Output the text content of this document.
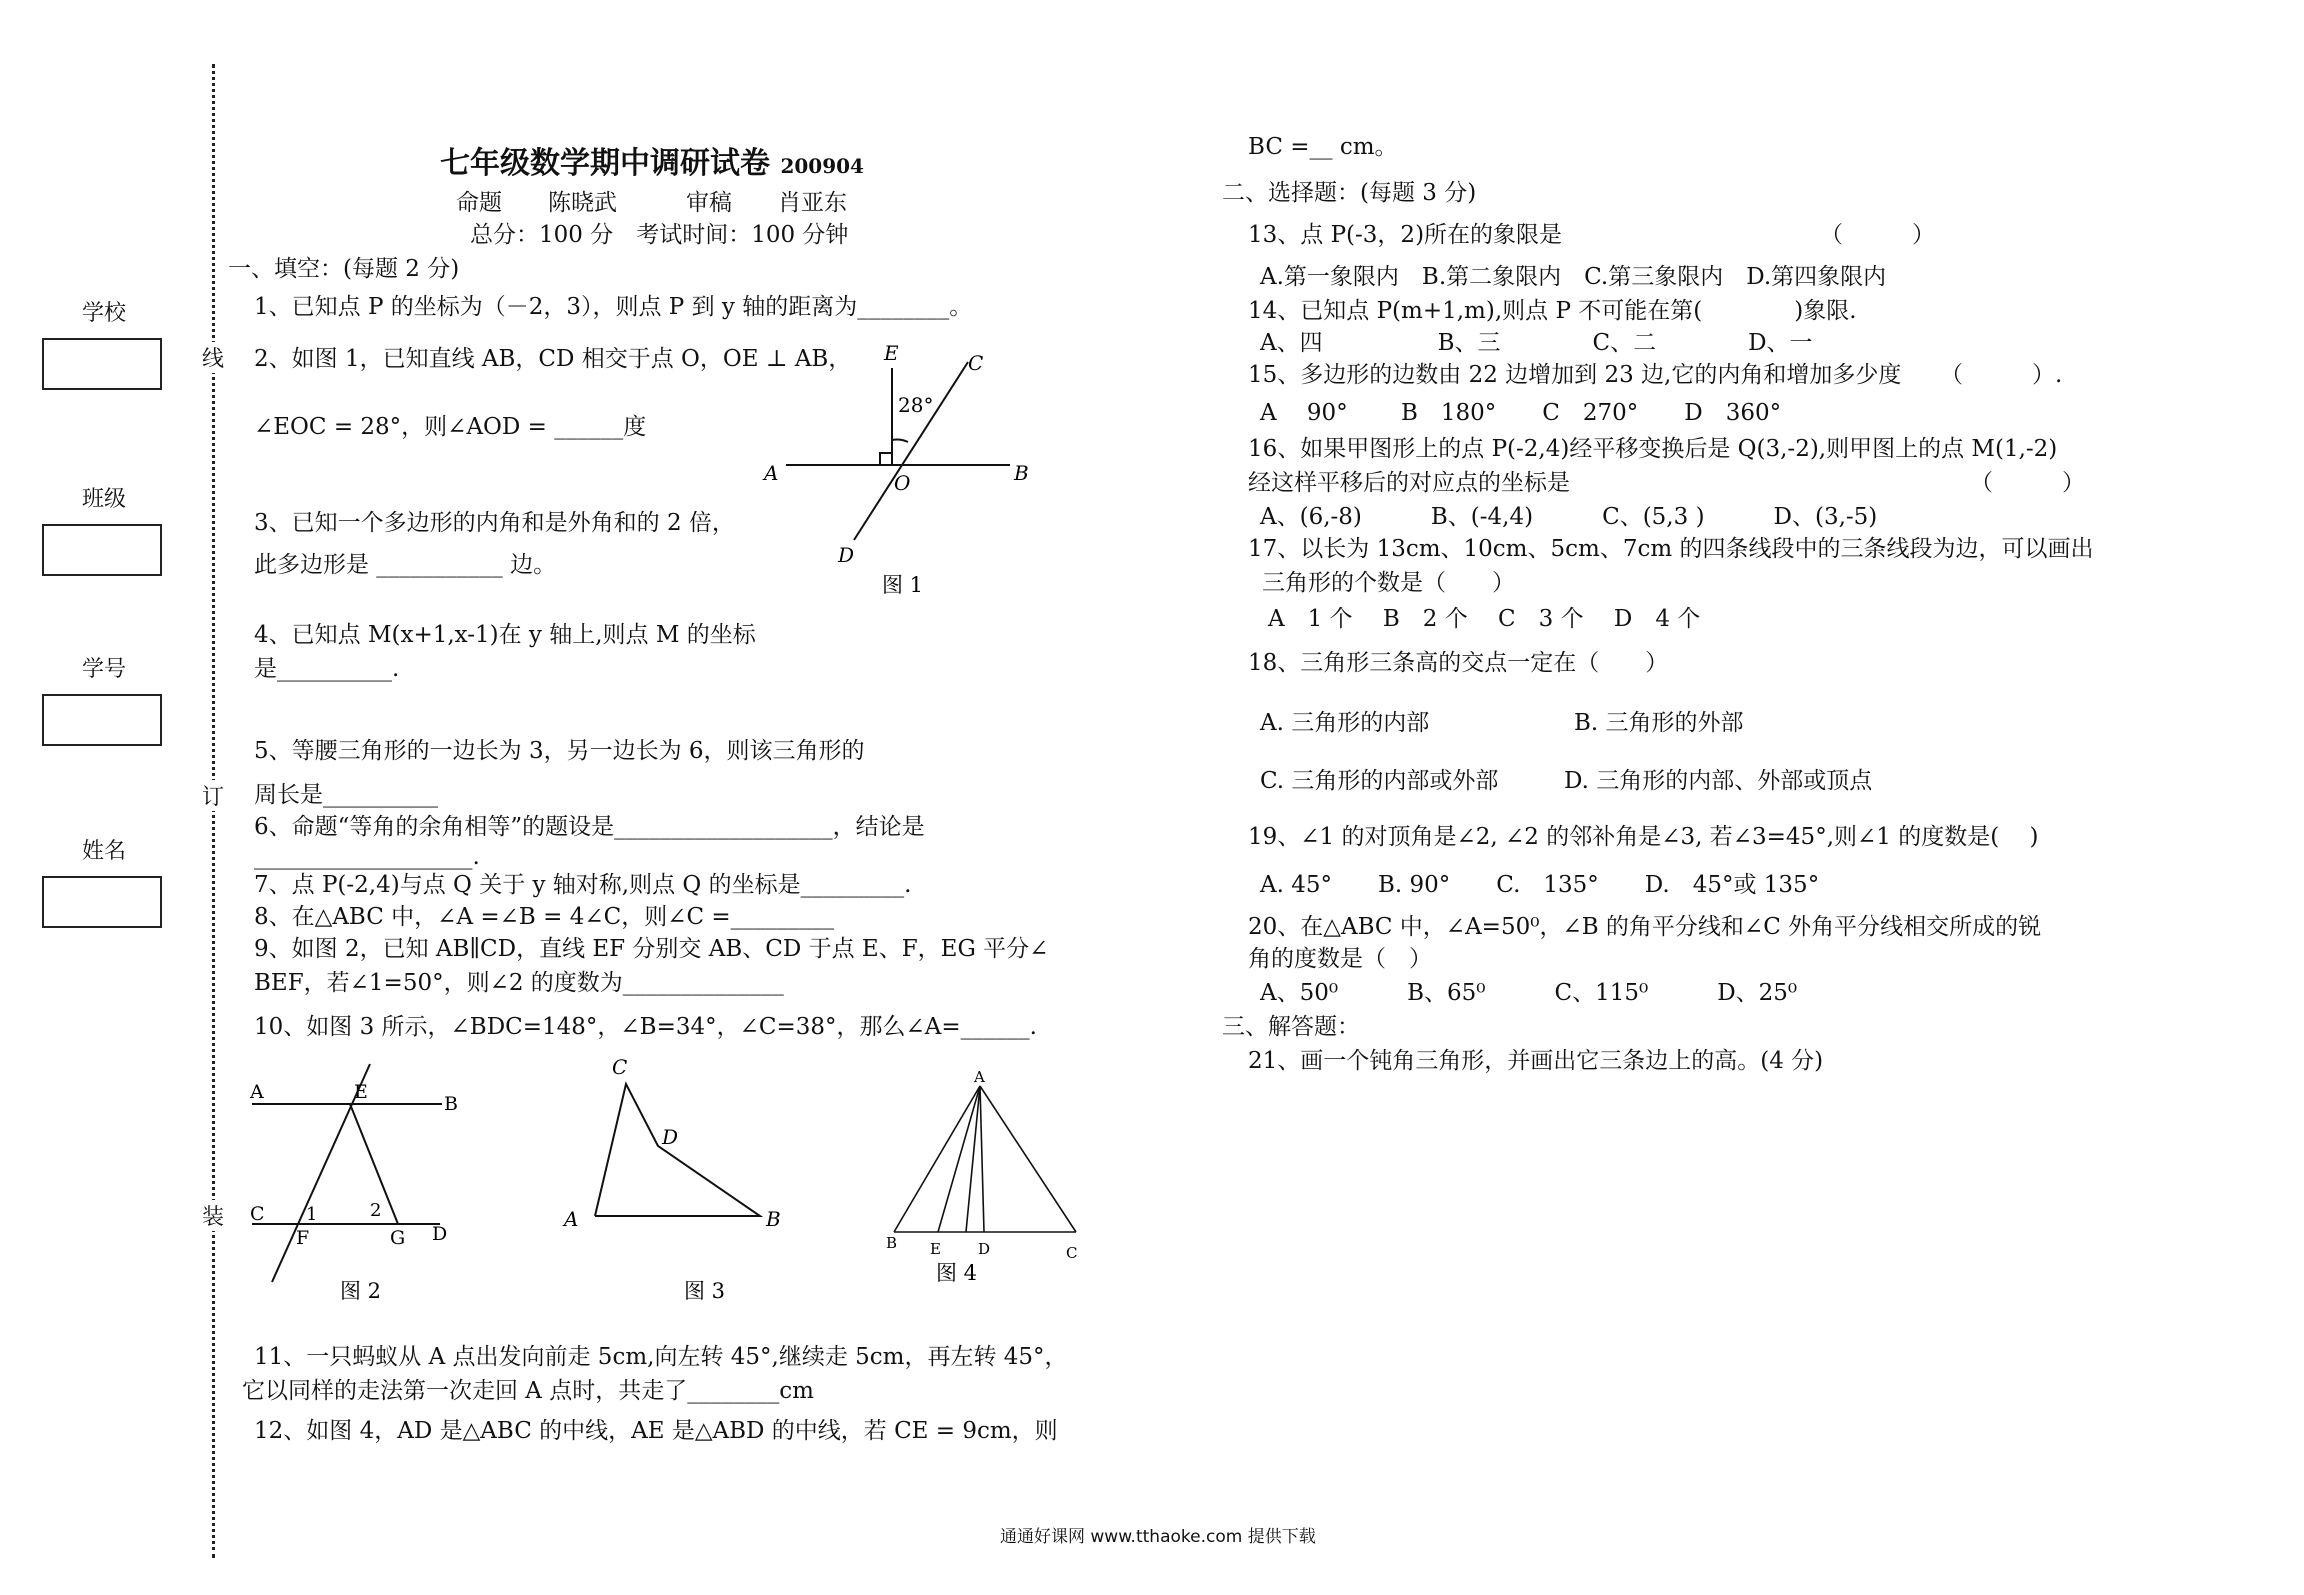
学校
班级
学号
姓名
线
订
装
七年级数学期中调研试卷 200904
命题　　陈晓武　　　审稿　　肖亚东
总分：100 分　考试时间：100 分钟
一、填空：(每题 2 分)
1、已知点 P 的坐标为（－2，3），则点 P 到 y 轴的距离为________。
2、如图 1，已知直线 AB，CD 相交于点 O，OE ⊥ AB，
∠EOC = 28°，则∠AOD = ______度
3、已知一个多边形的内角和是外角和的 2 倍，
此多边形是 ___________ 边。
4、已知点 M(x+1,x-1)在 y 轴上,则点 M 的坐标
是__________.
5、等腰三角形的一边长为 3，另一边长为 6，则该三角形的
周长是__________
6、命题“等角的余角相等”的题设是___________________，结论是
___________________.
7、点 P(-2,4)与点 Q 关于 y 轴对称,则点 Q 的坐标是_________.
8、在△ABC 中，∠A =∠B = 4∠C，则∠C =_________
9、如图 2，已知 AB∥CD，直线 EF 分别交 AB、CD 于点 E、F，EG 平分∠
BEF，若∠1=50°，则∠2 的度数为______________
10、如图 3 所示，∠BDC=148°，∠B=34°，∠C=38°，那么∠A=______.
11、一只蚂蚁从 A 点出发向前走 5cm,向左转 45°,继续走 5cm，再左转 45°，
它以同样的走法第一次走回 A 点时，共走了________cm
12、如图 4，AD 是△ABC 的中线，AE 是△ABD 的中线，若 CE = 9cm，则
28°
E	C
A	O	B
D
图 1
A	E
B
C 1	2
F	G D
图 2
C
D
A	B
图 3
A
B E D	C
图 4
BC =__ cm。
二、选择题：(每题 3 分)
13、点 P(-3，2)所在的象限是	（　　　）
A.第一象限内　B.第二象限内　C.第三象限内　D.第四象限内
14、已知点 P(m+1,m),则点 P 不可能在第(　　　　)象限.
A、四　　　　　B、三　　　　C、二　　　　D、一
15、多边形的边数由 22 边增加到 23 边,它的内角和增加多少度 （　　　）.
A　 90°　　 B　180°　　C　270°　　D　360°
16、如果甲图形上的点 P(-2,4)经平移变换后是 Q(3,-2),则甲图上的点 M(1,-2)
经这样平移后的对应点的坐标是	（　　　）
A、(6,-8)　　　B、(-4,4)　　　C、(5,3 )　　　D、(3,-5)
17、以长为 13cm、10cm、5cm、7cm 的四条线段中的三条线段为边，可以画出
三角形的个数是（　　）
A　1 个　 B　2 个　 C　3 个　 D　4 个
18、三角形三条高的交点一定在（　　）
A. 三角形的内部	B. 三角形的外部
C. 三角形的内部或外部	D. 三角形的内部、外部或顶点
19、∠1 的对顶角是∠2, ∠2 的邻补角是∠3, 若∠3=45°,则∠1 的度数是(　 )
A. 45°　　B. 90°　　C.　135°　　D.　45°或 135°
20、在△ABC 中，∠A=50⁰，∠B 的角平分线和∠C 外角平分线相交所成的锐
角的度数是（　）
A、50⁰　　　B、65⁰　　　C、115⁰　　　D、25⁰
三、解答题：
21、画一个钝角三角形，并画出它三条边上的高。(4 分)
通通好课网 www.tthaoke.com 提供下载
